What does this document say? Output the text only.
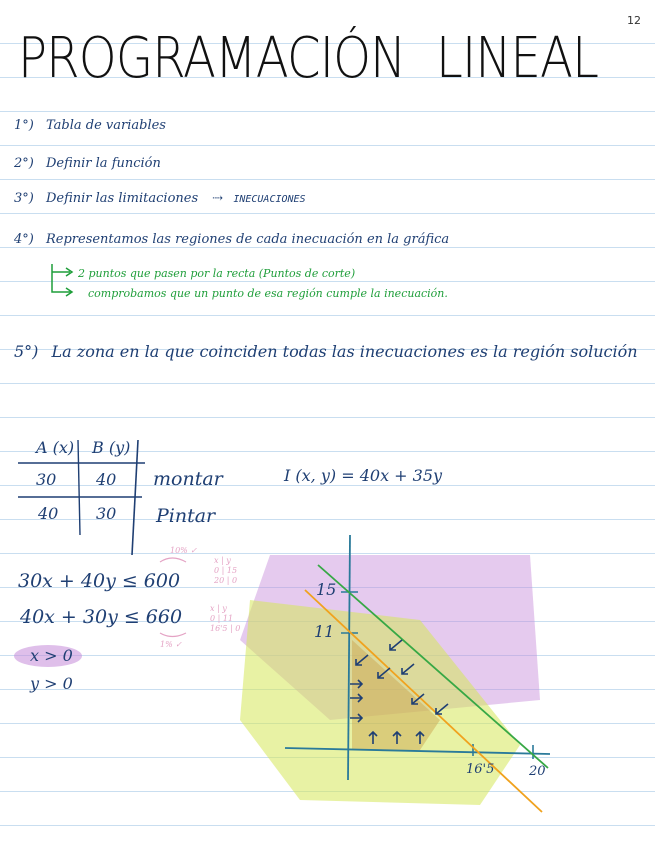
12
PROGRAMACIÓN LINEAL
1°) Tabla de variables
2°) Definir la función
3°) Definir las limitaciones ⇢ INECUACIONES
4°) Representamos las regiones de cada inecuación en la gráfica
2 puntos que pasen por la recta (Puntos de corte)
comprobamos que un punto de esa región cumple la inecuación.
5°) La zona en la que coinciden todas las inecuaciones es la región solución
A (x) B (y)
30 40 montar
40 30 Pintar
I (x, y) = 40x + 35y
30x + 40y ≤ 600
40x + 30y ≤ 660
x > 0
y > 0
10% ✓
1% ✓
x | y
0 | 15
20 | 0
x | y
0 | 11
16'5 | 0
15
11
16'5	20
